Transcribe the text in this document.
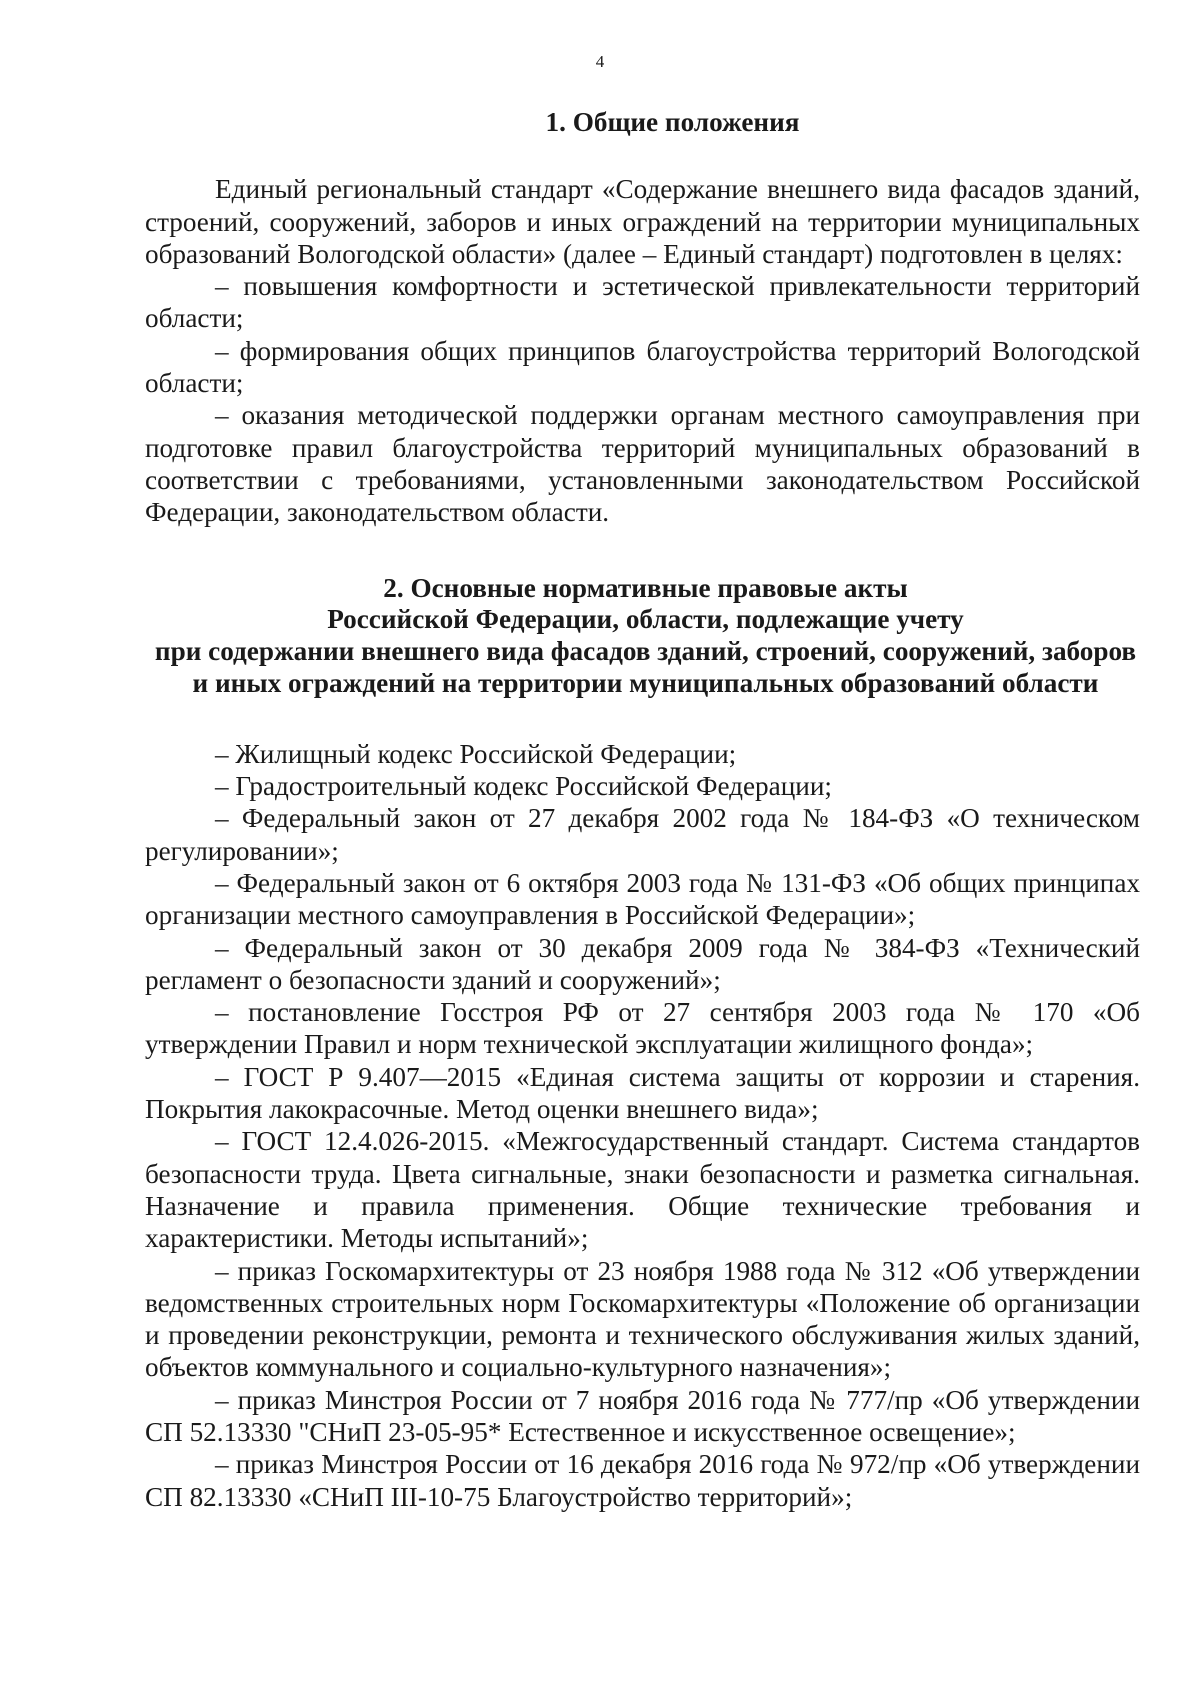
4

1. Общие положения

Единый региональный стандарт «Содержание внешнего вида фасадов зданий, строений, сооружений, заборов и иных ограждений на территории муниципальных образований Вологодской области» (далее – Единый стандарт) подготовлен в целях:

– повышения комфортности и эстетической привлекательности территорий области;

– формирования общих принципов благоустройства территорий Вологодской области;

– оказания методической поддержки органам местного самоуправления при подготовке правил благоустройства территорий муниципальных образований в соответствии с требованиями, установленными законодательством Российской Федерации, законодательством области.

2. Основные нормативные правовые акты
Российской Федерации, области, подлежащие учету
при содержании внешнего вида фасадов зданий, строений, сооружений, заборов и иных ограждений на территории муниципальных образований области

– Жилищный кодекс Российской Федерации;

– Градостроительный кодекс Российской Федерации;

– Федеральный закон от 27 декабря 2002 года № 184-ФЗ «О техническом регулировании»;

– Федеральный закон от 6 октября 2003 года № 131-ФЗ «Об общих принципах организации местного самоуправления в Российской Федерации»;

– Федеральный закон от 30 декабря 2009 года № 384-ФЗ «Технический регламент о безопасности зданий и сооружений»;

– постановление Госстроя РФ от 27 сентября 2003 года № 170 «Об утверждении Правил и норм технической эксплуатации жилищного фонда»;

– ГОСТ Р 9.407—2015 «Единая система защиты от коррозии и старения. Покрытия лакокрасочные. Метод оценки внешнего вида»;

– ГОСТ 12.4.026-2015. «Межгосударственный стандарт. Система стандартов безопасности труда. Цвета сигнальные, знаки безопасности и разметка сигнальная. Назначение и правила применения. Общие технические требования и характеристики. Методы испытаний»;

– приказ Госкомархитектуры от 23 ноября 1988 года № 312 «Об утверждении ведомственных строительных норм Госкомархитектуры «Положение об организации и проведении реконструкции, ремонта и технического обслуживания жилых зданий, объектов коммунального и социально-культурного назначения»;

– приказ Минстроя России от 7 ноября 2016 года № 777/пр «Об утверждении СП 52.13330 "СНиП 23-05-95* Естественное и искусственное освещение»;

– приказ Минстроя России от 16 декабря 2016 года № 972/пр «Об утверждении СП 82.13330 «СНиП III-10-75 Благоустройство территорий»;
